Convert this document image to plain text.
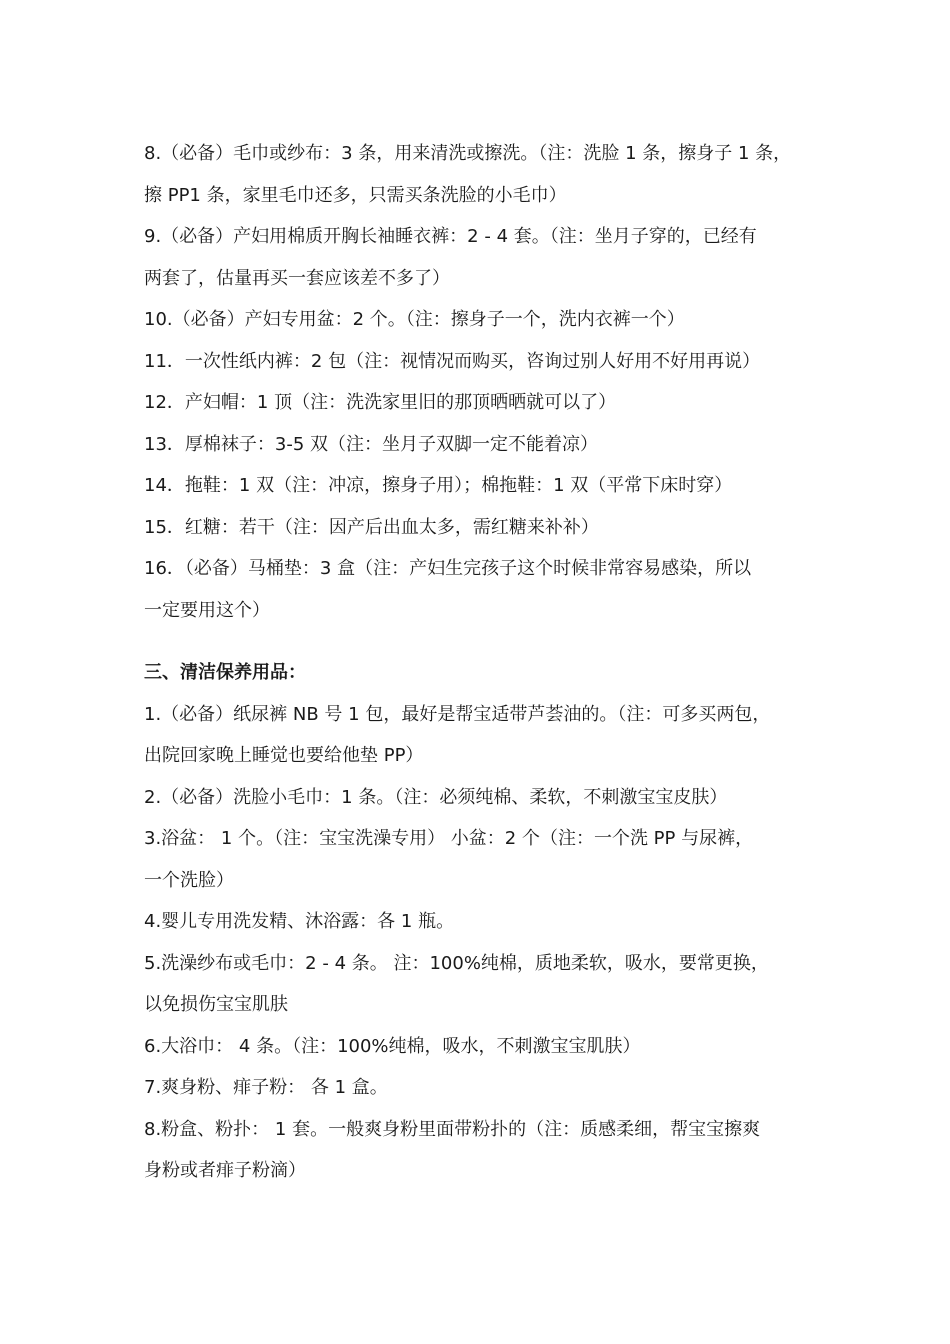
8.（必备）毛巾或纱布：3 条，用来清洗或擦洗。（注：洗脸 1 条，擦身子 1 条，
擦 PP1 条，家里毛巾还多，只需买条洗脸的小毛巾）
9.（必备）产妇用棉质开胸长袖睡衣裤：2 - 4 套。（注：坐月子穿的，已经有
两套了，估量再买一套应该差不多了）
10.（必备）产妇专用盆：2 个。（注：擦身子一个，洗内衣裤一个）
11．一次性纸内裤：2 包（注：视情况而购买，咨询过别人好用不好用再说）
12．产妇帽：1 顶（注：洗洗家里旧的那顶晒晒就可以了）
13．厚棉袜子：3-5 双（注：坐月子双脚一定不能着凉）
14．拖鞋：1 双（注：冲凉，擦身子用）；棉拖鞋：1 双（平常下床时穿）
15．红糖：若干（注：因产后出血太多，需红糖来补补）
16．（必备）马桶垫：3 盒（注：产妇生完孩子这个时候非常容易感染，所以
一定要用这个）
三、清洁保养用品：
1.（必备）纸尿裤 NB 号 1 包，最好是帮宝适带芦荟油的。（注：可多买两包，
出院回家晚上睡觉也要给他垫 PP）
2.（必备）洗脸小毛巾：1 条。（注：必须纯棉、柔软，不刺激宝宝皮肤）
3.浴盆： 1 个。（注：宝宝洗澡专用） 小盆：2 个（注：一个洗 PP 与尿裤，
一个洗脸）
4.婴儿专用洗发精、沐浴露：各 1 瓶。
5.洗澡纱布或毛巾：2 - 4 条。 注：100%纯棉，质地柔软，吸水，要常更换，
以免损伤宝宝肌肤
6.大浴巾： 4 条。（注：100%纯棉，吸水，不刺激宝宝肌肤）
7.爽身粉、痱子粉： 各 1 盒。
8.粉盒、粉扑： 1 套。一般爽身粉里面带粉扑的（注：质感柔细，帮宝宝擦爽
身粉或者痱子粉滴）
